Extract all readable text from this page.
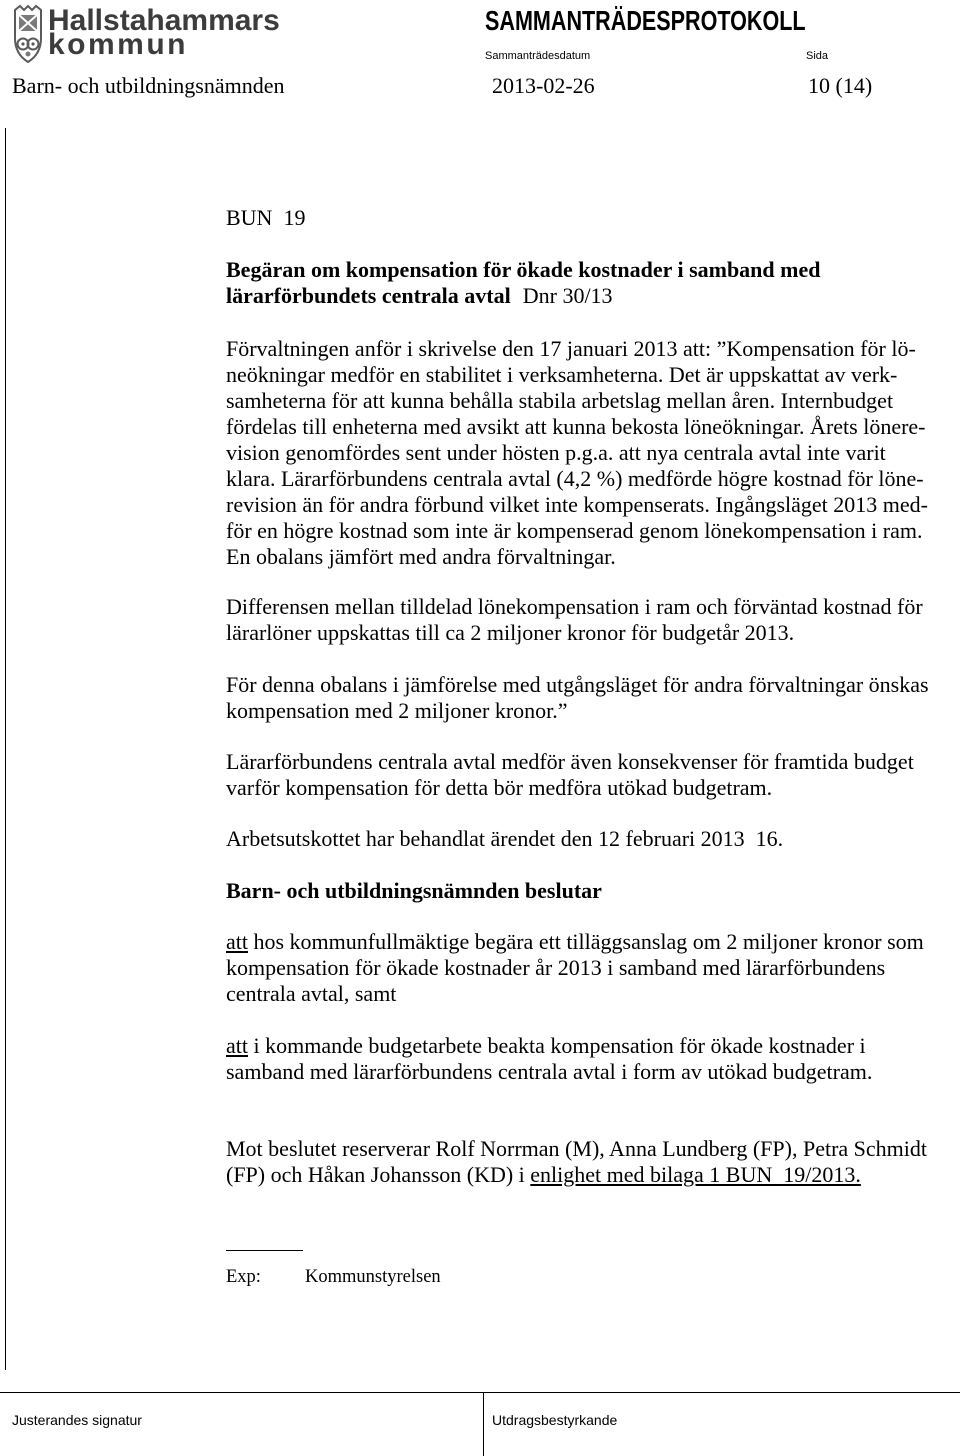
Hallstahammars
kommun
SAMMANTRÄDESPROTOKOLL
Sammanträdesdatum	Sida
Barn- och utbildningsnämnden	2013-02-26	10 (14)
BUN  19
Begäran om kompensation för ökade kostnader i samband med
lärarförbundets centrala avtal Dnr 30/13
Förvaltningen anför i skrivelse den 17 januari 2013 att: ”Kompensation för lö-
neökningar medför en stabilitet i verksamheterna. Det är uppskattat av verk-
samheterna för att kunna behålla stabila arbetslag mellan åren. Internbudget
fördelas till enheterna med avsikt att kunna bekosta löneökningar. Årets lönere-
vision genomfördes sent under hösten p.g.a. att nya centrala avtal inte varit
klara. Lärarförbundens centrala avtal (4,2 %) medförde högre kostnad för löne-
revision än för andra förbund vilket inte kompenserats. Ingångsläget 2013 med-
för en högre kostnad som inte är kompenserad genom lönekompensation i ram.
En obalans jämfört med andra förvaltningar.
Differensen mellan tilldelad lönekompensation i ram och förväntad kostnad för
lärarlöner uppskattas till ca 2 miljoner kronor för budgetår 2013.
För denna obalans i jämförelse med utgångsläget för andra förvaltningar önskas
kompensation med 2 miljoner kronor.”
Lärarförbundens centrala avtal medför även konsekvenser för framtida budget
varför kompensation för detta bör medföra utökad budgetram.
Arbetsutskottet har behandlat ärendet den 12 februari 2013  16.
Barn- och utbildningsnämnden beslutar
att hos kommunfullmäktige begära ett tilläggsanslag om 2 miljoner kronor som
kompensation för ökade kostnader år 2013 i samband med lärarförbundens
centrala avtal, samt
att i kommande budgetarbete beakta kompensation för ökade kostnader i
samband med lärarförbundens centrala avtal i form av utökad budgetram.
Mot beslutet reserverar Rolf Norrman (M), Anna Lundberg (FP), Petra Schmidt
(FP) och Håkan Johansson (KD) i enlighet med bilaga 1 BUN  19/2013.
Exp: Kommunstyrelsen
Justerandes signatur	Utdragsbestyrkande
